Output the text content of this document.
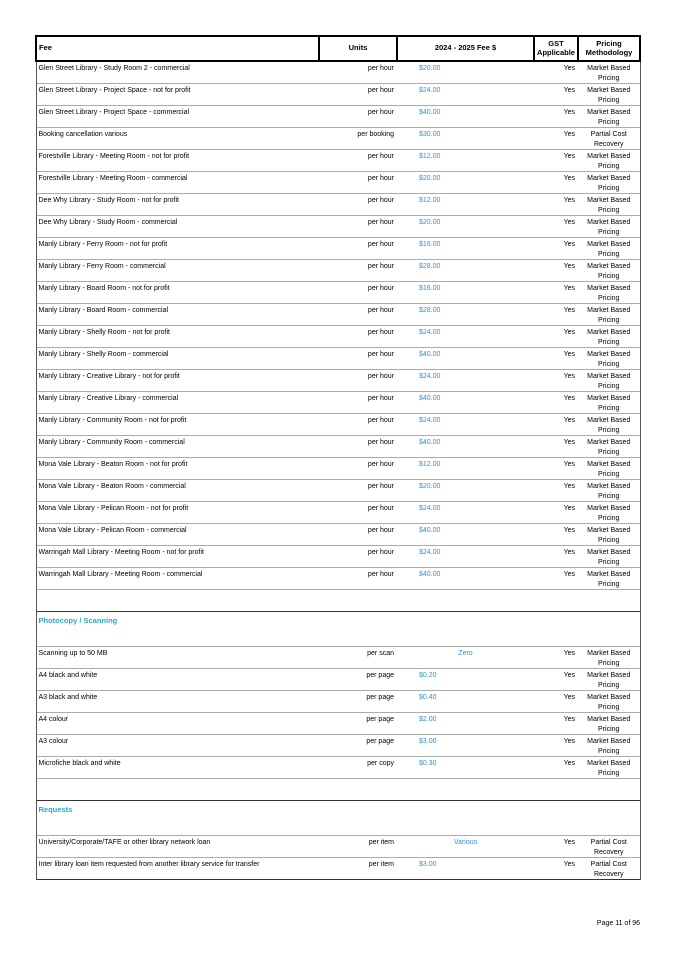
Fee	Units	2024 - 2025 Fee $	GST Applicable	Pricing Methodology
Glen Street Library - Study Room 2 - commercial	per hour	$20.00	Yes	Market Based Pricing
Glen Street Library - Project Space - not for profit	per hour	$24.00	Yes	Market Based Pricing
Glen Street Library - Project Space - commercial	per hour	$40.00	Yes	Market Based Pricing
Booking cancellation various	per booking	$30.00	Yes	Partial Cost Recovery
Forestville Library - Meeting Room - not for profit	per hour	$12.00	Yes	Market Based Pricing
Forestville Library - Meeting Room - commercial	per hour	$20.00	Yes	Market Based Pricing
Dee Why Library - Study Room - not for profit	per hour	$12.00	Yes	Market Based Pricing
Dee Why Library - Study Room - commercial	per hour	$20.00	Yes	Market Based Pricing
Manly Library - Ferry Room - not for profit	per hour	$16.00	Yes	Market Based Pricing
Manly Library - Ferry Room - commercial	per hour	$28.00	Yes	Market Based Pricing
Manly Library - Board Room - not for profit	per hour	$16.00	Yes	Market Based Pricing
Manly Library - Board Room - commercial	per hour	$28.00	Yes	Market Based Pricing
Manly Library - Shelly Room - not for profit	per hour	$24.00	Yes	Market Based Pricing
Manly Library - Shelly Room - commercial	per hour	$40.00	Yes	Market Based Pricing
Manly Library - Creative Library - not for profit	per hour	$24.00	Yes	Market Based Pricing
Manly Library - Creative Library - commercial	per hour	$40.00	Yes	Market Based Pricing
Manly Library - Community Room - not for profit	per hour	$24.00	Yes	Market Based Pricing
Manly Library - Community Room - commercial	per hour	$40.00	Yes	Market Based Pricing
Mona Vale Library - Beaton Room - not for profit	per hour	$12.00	Yes	Market Based Pricing
Mona Vale Library - Beaton Room - commercial	per hour	$20.00	Yes	Market Based Pricing
Mona Vale Library - Pelican Room - not for profit	per hour	$24.00	Yes	Market Based Pricing
Mona Vale Library - Pelican Room - commercial	per hour	$40.00	Yes	Market Based Pricing
Warringah Mall Library - Meeting Room - not for profit	per hour	$24.00	Yes	Market Based Pricing
Warringah Mall Library - Meeting Room - commercial	per hour	$40.00	Yes	Market Based Pricing

Photocopy / Scanning				
Scanning up to 50 MB	per scan	Zero	Yes	Market Based Pricing
A4 black and white	per page	$0.20	Yes	Market Based Pricing
A3 black and white	per page	$0.40	Yes	Market Based Pricing
A4 colour	per page	$2.00	Yes	Market Based Pricing
A3 colour	per page	$3.00	Yes	Market Based Pricing
Microfiche black and white	per copy	$0.30	Yes	Market Based Pricing

Requests				
University/Corporate/TAFE or other library network loan	per item	Various	Yes	Partial Cost Recovery
Inter library loan item requested from another library service for transfer	per item	$3.00	Yes	Partial Cost Recovery
Page 11 of 96
